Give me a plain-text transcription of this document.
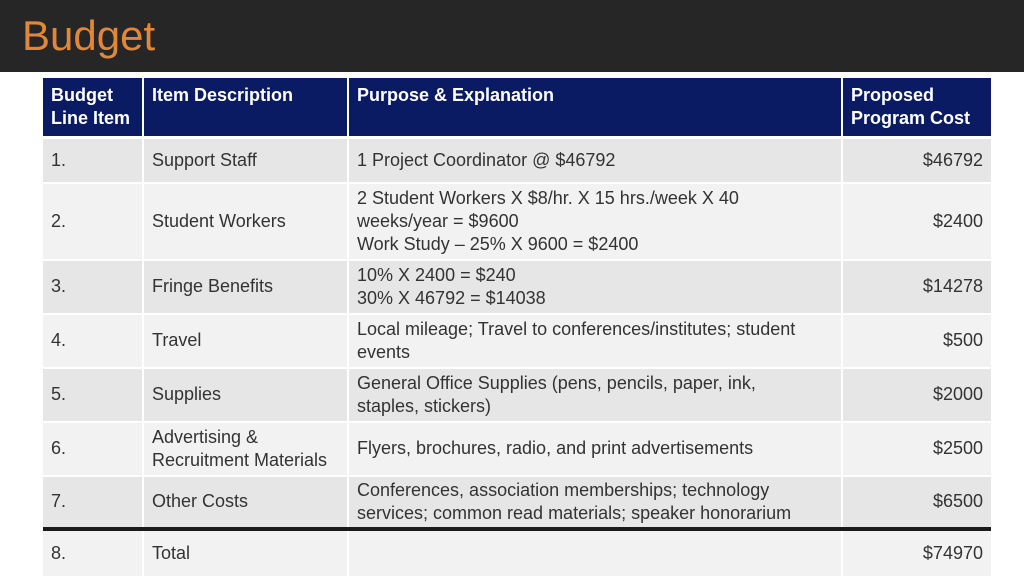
Budget
Budget Line Item	Item Description	Purpose & Explanation	Proposed Program Cost
1.	Support Staff	1 Project Coordinator @ $46792	$46792
2.	Student Workers	2 Student Workers X $8/hr. X 15 hrs./week X 40
weeks/year = $9600
Work Study – 25% X 9600 = $2400	$2400
3.	Fringe Benefits	10% X 2400 = $240
30% X 46792 = $14038	$14278
4.	Travel	Local mileage; Travel to conferences/institutes; student
events	$500
5.	Supplies	General Office Supplies (pens, pencils, paper, ink,
staples, stickers)	$2000
6.	Advertising & Recruitment Materials	Flyers, brochures, radio, and print advertisements	$2500
7.	Other Costs	Conferences, association memberships; technology
services; common read materials; speaker honorarium	$6500
8.	Total		$74970
